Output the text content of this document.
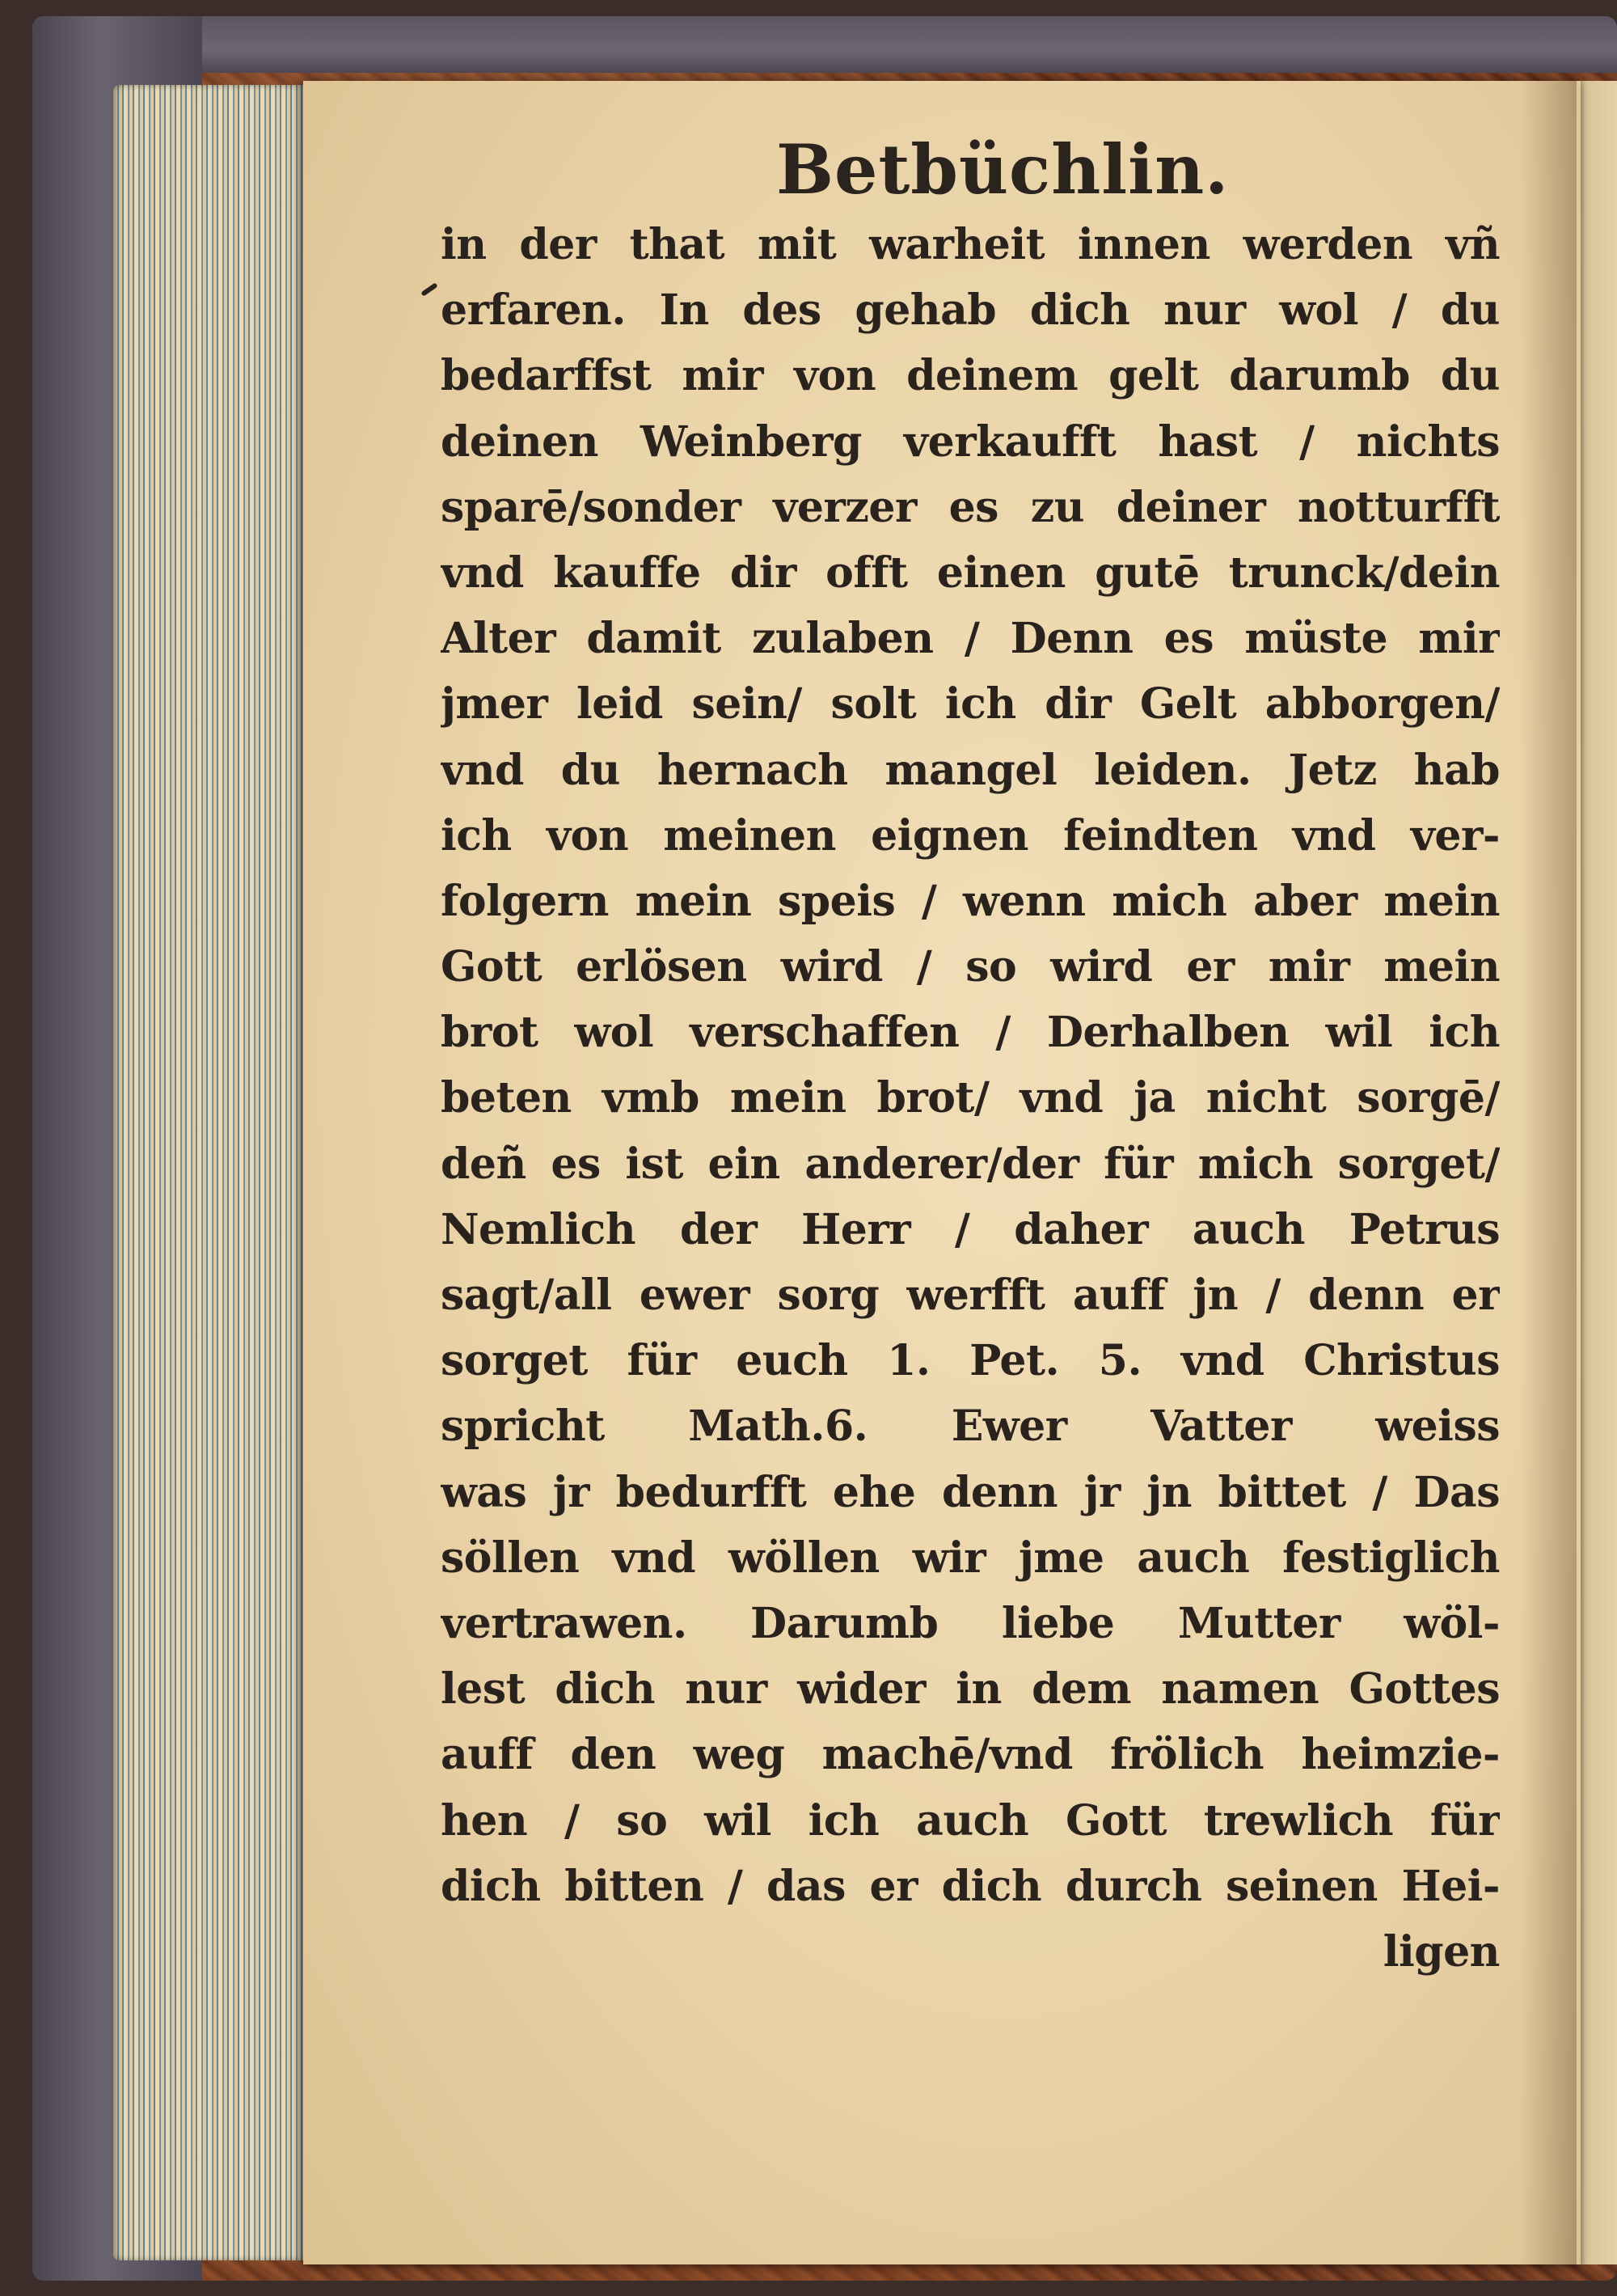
Betbüchlin.
in der that mit warheit innen werden vñ
erfaren. In des gehab dich nur wol / du
bedarffst mir von deinem gelt darumb du
deinen Weinberg verkaufft hast / nichts
sparē/sonder verzer es zu deiner notturfft
vnd kauffe dir offt einen gutē trunck/dein
Alter damit zulaben / Denn es müste mir
jmer leid sein/ solt ich dir Gelt abborgen/
vnd du hernach mangel leiden. Jetz hab
ich von meinen eignen feindten vnd ver-
folgern mein speis / wenn mich aber mein
Gott erlösen wird / so wird er mir mein
brot wol verschaffen / Derhalben wil ich
beten vmb mein brot/ vnd ja nicht sorgē/
deñ es ist ein anderer/der für mich sorget/
Nemlich der Herr / daher auch Petrus
sagt/all ewer sorg werfft auff jn / denn er
sorget für euch 1. Pet. 5. vnd Christus
spricht Math.6. Ewer Vatter weiss
was jr bedurfft ehe denn jr jn bittet / Das
söllen vnd wöllen wir jme auch festiglich
vertrawen. Darumb liebe Mutter wöl-
lest dich nur wider in dem namen Gottes
auff den weg machē/vnd frölich heimzie-
hen / so wil ich auch Gott trewlich für
dich bitten / das er dich durch seinen Hei-
ligen
